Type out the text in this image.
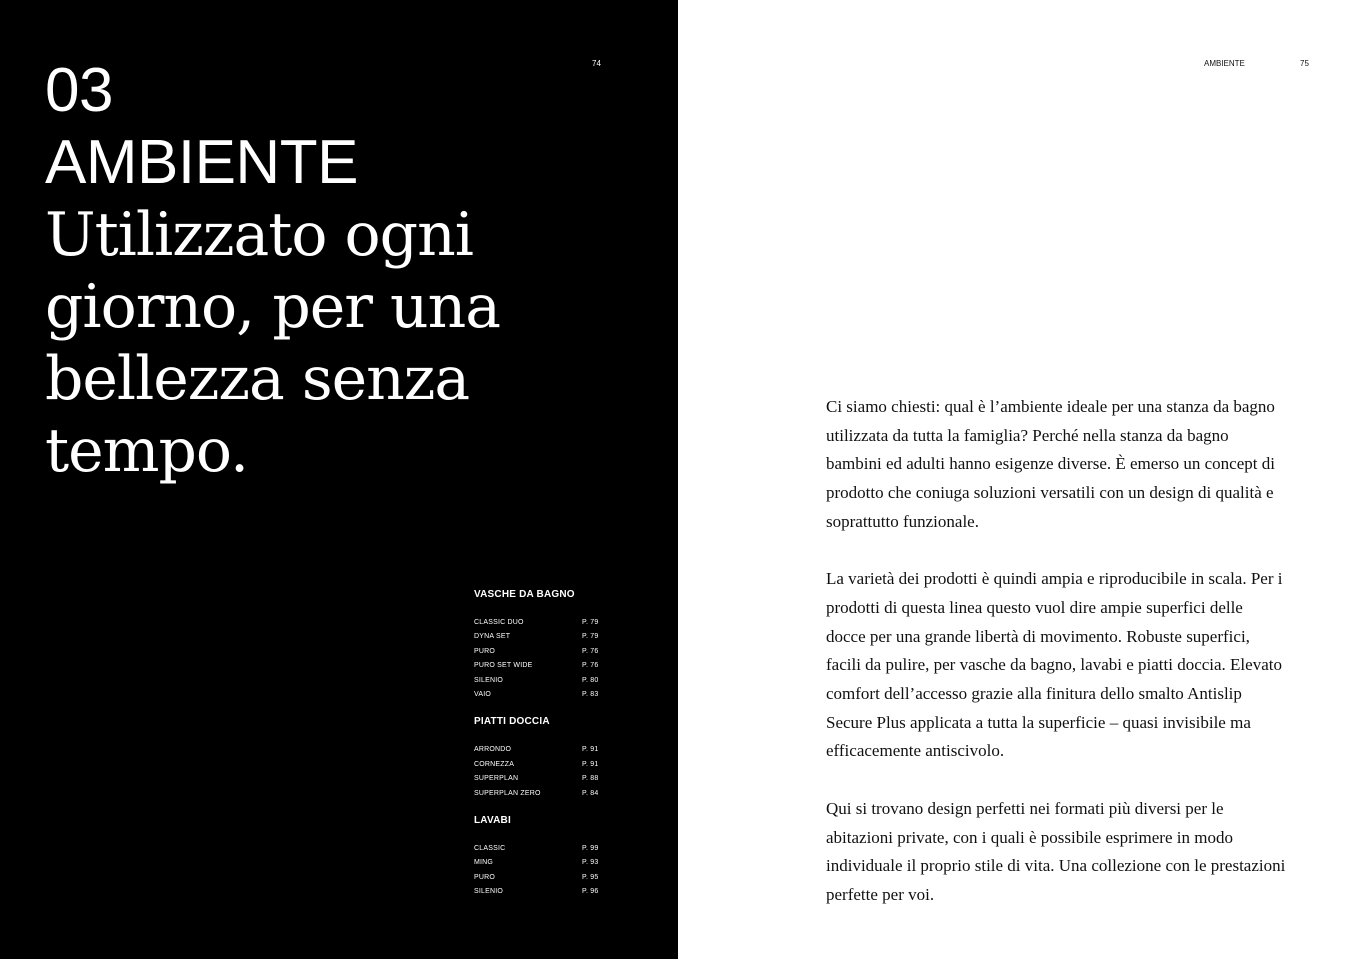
74
03
AMBIENTE
Utilizzato ogni giorno, per una bellezza senza tempo.
VASCHE DA BAGNO
CLASSIC DUO	P. 79
DYNA SET	P. 79
PURO	P. 76
PURO SET WIDE	P. 76
SILENIO	P. 80
VAIO	P. 83
PIATTI DOCCIA
ARRONDO	P. 91
CORNEZZA	P. 91
SUPERPLAN	P. 88
SUPERPLAN ZERO	P. 84
LAVABI
CLASSIC	P. 99
MING	P. 93
PURO	P. 95
SILENIO	P. 96
AMBIENTE	75

Ci siamo chiesti: qual è l’ambiente ideale per una stanza da bagno utilizzata da tutta la famiglia? Perché nella stanza da bagno bambini ed adulti hanno esigenze diverse. È emerso un concept di prodotto che coniuga soluzioni versatili con un design di qualità e soprattutto funzionale.

La varietà dei prodotti è quindi ampia e riproducibile in scala. Per i prodotti di questa linea questo vuol dire ampie superfici delle docce per una grande libertà di movimento. Robuste superfici, facili da pulire, per vasche da bagno, lavabi e piatti doccia. Elevato comfort dell’accesso grazie alla finitura dello smalto Antislip Secure Plus applicata a tutta la superficie – quasi invisibile ma efficacemente antiscivolo.

Qui si trovano design perfetti nei formati più diversi per le abitazioni private, con i quali è possibile esprimere in modo individuale il proprio stile di vita. Una collezione con le prestazioni perfette per voi.
